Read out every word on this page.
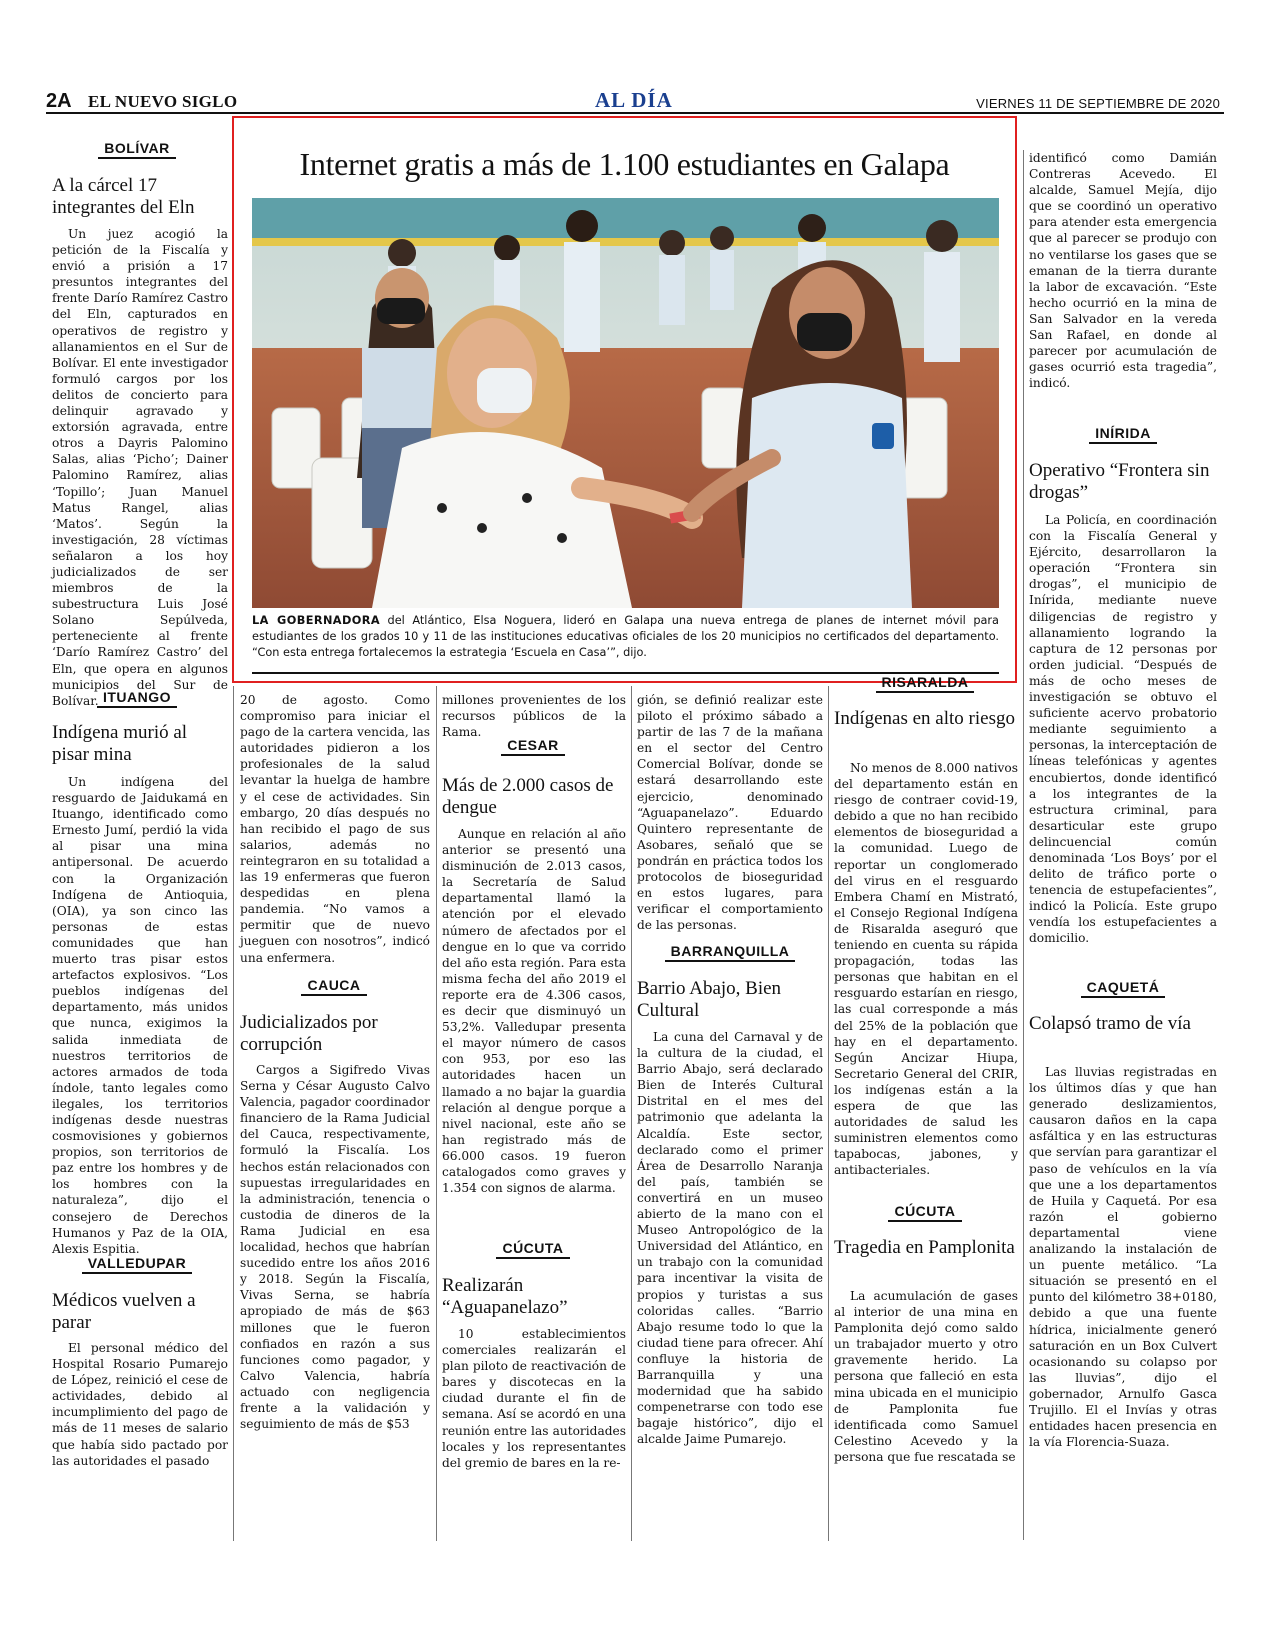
2A EL NUEVO SIGLO	AL DÍA	VIERNES 11 DE SEPTIEMBRE DE 2020
Internet gratis a más de 1.100 estudiantes en Galapa
LA GOBERNADORA del Atlántico, Elsa Noguera, lideró en Galapa una nueva entrega de planes de internet móvil para estudiantes de los grados 10 y 11 de las instituciones educativas oficiales de los 20 municipios no certificados del departamento. “Con esta entrega fortalecemos la estrategia ‘Escuela en Casa’”, dijo.
BOLÍVAR
A la cárcel 17 integrantes del Eln

Un juez acogió la petición de la Fiscalía y envió a prisión a 17 presuntos integrantes del frente Darío Ramírez Castro del Eln, capturados en operativos de registro y allanamientos en el Sur de Bolívar. El ente investigador formuló cargos por los delitos de concierto para delinquir agravado y extorsión agravada, entre otros a Dayris Palomino Salas, alias ‘Picho’; Dainer Palomino Ramírez, alias ‘Topillo’; Juan Manuel Matus Rangel, alias ‘Matos’. Según la investigación, 28 víctimas señalaron a los hoy judicializados de ser miembros de la subestructura Luis José Solano Sepúlveda, perteneciente al frente ‘Darío Ramírez Castro’ del Eln, que opera en algunos municipios del Sur de Bolívar. ITUANGO
Indígena murió al pisar mina

Un indígena del resguardo de Jaidukamá en Ituango, identificado como Ernesto Jumí, perdió la vida al pisar una mina antipersonal. De acuerdo con la Organización Indígena de Antioquia, (OIA), ya son cinco las personas de estas comunidades que han muerto tras pisar estos artefactos explosivos. “Los pueblos indígenas del departamento, más unidos que nunca, exigimos la salida inmediata de nuestros territorios de actores armados de toda índole, tanto legales como ilegales, los territorios indígenas desde nuestras cosmovisiones y gobiernos propios, son territorios de paz entre los hombres y de los hombres con la naturaleza”, dijo el consejero de Derechos Humanos y Paz de la OIA, Alexis Espitia.

VALLEDUPAR
Médicos vuelven a parar

El personal médico del Hospital Rosario Pumarejo de López, reinició el cese de actividades, debido al incumplimiento del pago de más de 11 meses de salario que había sido pactado por las autoridades el pasado

20 de agosto. Como compromiso para iniciar el pago de la cartera vencida, las autoridades pidieron a los profesionales de la salud levantar la huelga de hambre y el cese de actividades. Sin embargo, 20 días después no han recibido el pago de sus salarios, además no reintegraron en su totalidad a las 19 enfermeras que fueron despedidas en plena pandemia. “No vamos a permitir que de nuevo jueguen con nosotros”, indicó una enfermera.

CAUCA
Judicializados por corrupción

Cargos a Sigifredo Vivas Serna y César Augusto Calvo Valencia, pagador coordinador financiero de la Rama Judicial del Cauca, respectivamente, formuló la Fiscalía. Los hechos están relacionados con supuestas irregularidades en la administración, tenencia o custodia de dineros de la Rama Judicial en esa localidad, hechos que habrían sucedido entre los años 2016 y 2018. Según la Fiscalía, Vivas Serna, se habría apropiado de más de $63 millones que le fueron confiados en razón a sus funciones como pagador, y Calvo Valencia, habría actuado con negligencia frente a la validación y seguimiento de más de $53

millones provenientes de los recursos públicos de la Rama.

CESAR
Más de 2.000 casos de dengue

Aunque en relación al año anterior se presentó una disminución de 2.013 casos, la Secretaría de Salud departamental llamó la atención por el elevado número de afectados por el dengue en lo que va corrido del año esta región. Para esta misma fecha del año 2019 el reporte era de 4.306 casos, es decir que disminuyó un 53,2%. Valledupar presenta el mayor número de casos con 953, por eso las autoridades hacen un llamado a no bajar la guardia relación al dengue porque a nivel nacional, este año se han registrado más de 66.000 casos. 19 fueron catalogados como graves y 1.354 con signos de alarma.

CÚCUTA
Realizarán “Aguapanelazo”

10 establecimientos comerciales realizarán el plan piloto de reactivación de bares y discotecas en la ciudad durante el fin de semana. Así se acordó en una reunión entre las autoridades locales y los representantes del gremio de bares en la re-

gión, se definió realizar este piloto el próximo sábado a partir de las 7 de la mañana en el sector del Centro Comercial Bolívar, donde se estará desarrollando este ejercicio, denominado “Aguapanelazo”. Eduardo Quintero representante de Asobares, señaló que se pondrán en práctica todos los protocolos de bioseguridad en estos lugares, para verificar el comportamiento de las personas.

BARRANQUILLA
Barrio Abajo, Bien Cultural

La cuna del Carnaval y de la cultura de la ciudad, el Barrio Abajo, será declarado Bien de Interés Cultural Distrital en el mes del patrimonio que adelanta la Alcaldía. Este sector, declarado como el primer Área de Desarrollo Naranja del país, también se convertirá en un museo abierto de la mano con el Museo Antropológico de la Universidad del Atlántico, en un trabajo con la comunidad para incentivar la visita de propios y turistas a sus coloridas calles. “Barrio Abajo resume todo lo que la ciudad tiene para ofrecer. Ahí confluye la historia de Barranquilla y una modernidad que ha sabido compenetrarse con todo ese bagaje histórico”, dijo el alcalde Jaime Pumarejo.

RISARALDA
Indígenas en alto riesgo

No menos de 8.000 nativos del departamento están en riesgo de contraer covid-19, debido a que no han recibido elementos de bioseguridad a la comunidad. Luego de reportar un conglomerado del virus en el resguardo Embera Chamí en Mistrató, el Consejo Regional Indígena de Risaralda aseguró que teniendo en cuenta su rápida propagación, todas las personas que habitan en el resguardo estarían en riesgo, las cual corresponde a más del 25% de la población que hay en el departamento. Según Ancizar Hiupa, Secretario General del CRIR, los indígenas están a la espera de que las autoridades de salud les suministren elementos como tapabocas, jabones, y antibacteriales.

CÚCUTA
Tragedia en Pamplonita

La acumulación de gases al interior de una mina en Pamplonita dejó como saldo un trabajador muerto y otro gravemente herido. La persona que falleció en esta mina ubicada en el municipio de Pamplonita fue identificada como Samuel Celestino Acevedo y la persona que fue rescatada se

identificó como Damián Contreras Acevedo. El alcalde, Samuel Mejía, dijo que se coordinó un operativo para atender esta emergencia que al parecer se produjo con no ventilarse los gases que se emanan de la tierra durante la labor de excavación. “Este hecho ocurrió en la mina de San Salvador en la vereda San Rafael, en donde al parecer por acumulación de gases ocurrió esta tragedia”, indicó.

INÍRIDA
Operativo “Frontera sin drogas”

La Policía, en coordinación con la Fiscalía General y Ejército, desarrollaron la operación “Frontera sin drogas”, el municipio de Inírida, mediante nueve diligencias de registro y allanamiento logrando la captura de 12 personas por orden judicial. “Después de más de ocho meses de investigación se obtuvo el suficiente acervo probatorio mediante seguimiento a personas, la interceptación de líneas telefónicas y agentes encubiertos, donde identificó a los integrantes de la estructura criminal, para desarticular este grupo delincuencial común denominada ‘Los Boys’ por el delito de tráfico porte o tenencia de estupefacientes”, indicó la Policía. Este grupo vendía los estupefacientes a domicilio.

CAQUETÁ
Colapsó tramo de vía

Las lluvias registradas en los últimos días y que han generado deslizamientos, causaron daños en la capa asfáltica y en las estructuras que servían para garantizar el paso de vehículos en la vía que une a los departamentos de Huila y Caquetá. Por esa razón el gobierno departamental viene analizando la instalación de un puente metálico. “La situación se presentó en el punto del kilómetro 38+0180, debido a que una fuente hídrica, inicialmente generó saturación en un Box Culvert ocasionando su colapso por las lluvias”, dijo el gobernador, Arnulfo Gasca Trujillo. El el Invías y otras entidades hacen presencia en la vía Florencia-Suaza.
